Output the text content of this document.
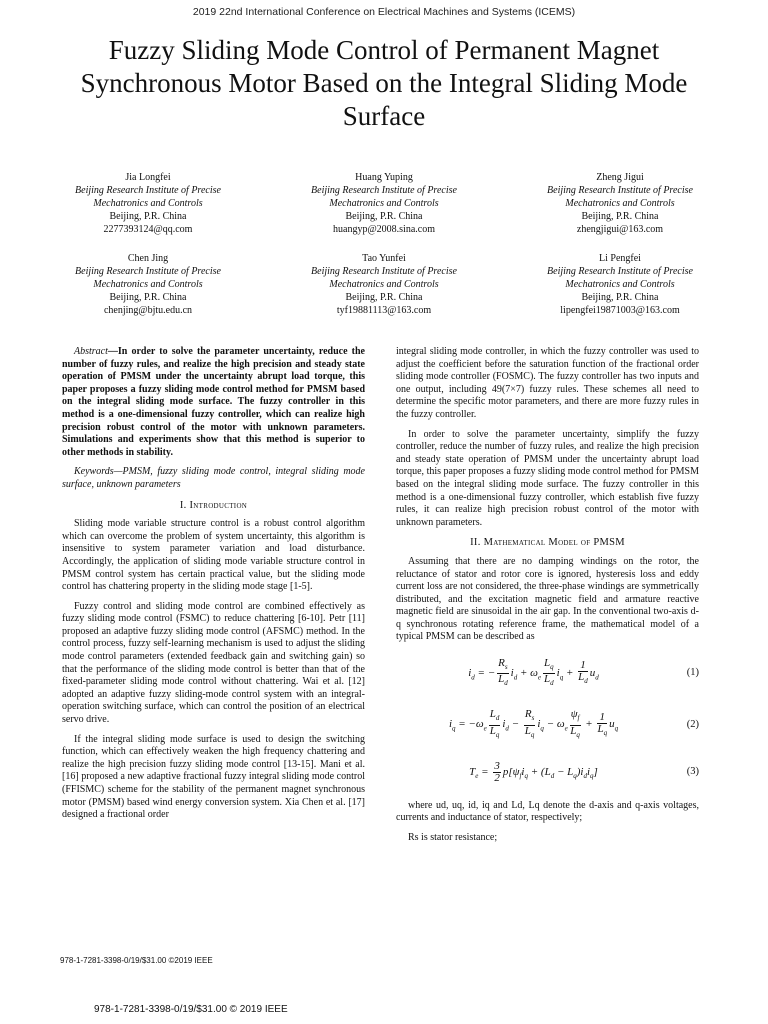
2019 22nd International Conference on Electrical Machines and Systems (ICEMS)
Fuzzy Sliding Mode Control of Permanent Magnet Synchronous Motor Based on the Integral Sliding Mode Surface
Jia Longfei
Beijing Research Institute of Precise
Mechatronics and Controls
Beijing, P.R. China
2277393124@qq.com
Huang Yuping
Beijing Research Institute of Precise
Mechatronics and Controls
Beijing, P.R. China
huangyp@2008.sina.com
Zheng Jigui
Beijing Research Institute of Precise
Mechatronics and Controls
Beijing, P.R. China
zhengjigui@163.com
Chen Jing
Beijing Research Institute of Precise
Mechatronics and Controls
Beijing, P.R. China
chenjing@bjtu.edu.cn
Tao Yunfei
Beijing Research Institute of Precise
Mechatronics and Controls
Beijing, P.R. China
tyf19881113@163.com
Li Pengfei
Beijing Research Institute of Precise
Mechatronics and Controls
Beijing, P.R. China
lipengfei19871003@163.com

Abstract—In order to solve the parameter uncertainty, reduce the number of fuzzy rules, and realize the high precision and steady state operation of PMSM under the uncertainty abrupt load torque, this paper proposes a fuzzy sliding mode control method for PMSM based on the integral sliding mode surface. The fuzzy controller in this method is a one-dimensional fuzzy controller, which can realize high precision robust control of the motor with unknown parameters. Simulations and experiments show that this method is superior to other methods in stability.

Keywords—PMSM, fuzzy sliding mode control, integral sliding mode surface, unknown parameters

I. Introduction

Sliding mode variable structure control is a robust control algorithm which can overcome the problem of system uncertainty, this algorithm is insensitive to system parameter variation and load disturbance. Accordingly, the application of sliding mode variable structure control in PMSM control system has certain practical value, but the sliding mode control has chattering property in the sliding mode stage [1-5].

Fuzzy control and sliding mode control are combined effectively as fuzzy sliding mode control (FSMC) to reduce chattering [6-10]. Petr [11] proposed an adaptive fuzzy sliding mode control (AFSMC) method. In the control process, fuzzy self-learning mechanism is used to adjust the sliding mode control parameters (extended feedback gain and switching gain) so that the performance of the sliding mode control is better than that of the fixed-parameter sliding mode control without chattering. Wai et al. [12] adopted an adaptive fuzzy sliding-mode control system with an integral-operation switching surface, which can control the position of an electrical servo drive.

If the integral sliding mode surface is used to design the switching function, which can effectively weaken the high frequency chattering and realize the high precision fuzzy sliding mode control [13-15]. Mani et al. [16] proposed a new adaptive fractional fuzzy integral sliding mode control (FFISMC) scheme for the stability of the permanent magnet synchronous motor (PMSM) based wind energy conversion system. Xia Chen et al. [17] designed a fractional order

integral sliding mode controller, in which the fuzzy controller was used to adjust the coefficient before the saturation function of the fractional order sliding mode controller (FOSMC). The fuzzy controller has two inputs and one output, including 49(7×7) fuzzy rules. These schemes all need to determine the specific motor parameters, and there are more fuzzy rules in the fuzzy controller.

In order to solve the parameter uncertainty, simplify the fuzzy controller, reduce the number of fuzzy rules, and realize the high precision and steady state operation of PMSM under the uncertainty abrupt load torque, this paper proposes a fuzzy sliding mode control method for PMSM based on the integral sliding mode surface. The fuzzy controller in this method is a one-dimensional fuzzy controller, which establish five fuzzy rules, it can realize high precision robust control of the motor with unknown parameters.

II. Mathematical Model of PMSM

Assuming that there are no damping windings on the rotor, the reluctance of stator and rotor core is ignored, hysteresis loss and eddy current loss are not considered, the three-phase windings are symmetrically distributed, and the excitation magnetic field and armature reactive magnetic field are sinusoidal in the air gap. In the conventional two-axis d-q synchronous rotating reference frame, the mathematical model of a typical PMSM can be described as

$i_d$ = − $\frac{R_s}{L_d} i_d + \omega_e \frac{L_q}{L_d} i_q + \frac{1}{L_d} u_d$	(1)
$i_q = -\omega_e \frac{L_d}{L_q} i_d - \frac{R_s}{L_q} i_q - \omega_e \frac{\psi_f}{L_q} + \frac{1}{L_q} u_q$	(2)
$T_e = \frac{3}{2} p[\psi_fi_q + (L_d - L_q)i_di_q]$	(3)

where ud, uq, id, iq and Ld, Lq denote the d-axis and q-axis voltages, currents and inductance of stator, respectively;

Rs is stator resistance;

978-1-7281-3398-0/19/$31.00 ©2019 IEEE
978-1-7281-3398-0/19/$31.00 © 2019 IEEE
